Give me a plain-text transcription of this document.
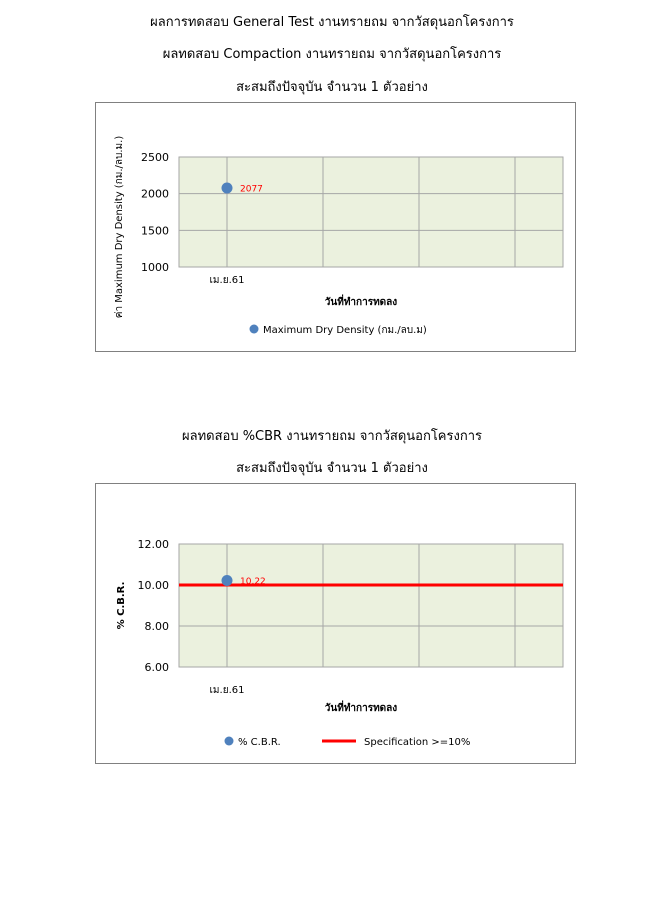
ผลการทดสอบ General Test งานทรายถม จากวัสดุนอกโครงการ
ผลทดสอบ Compaction งานทรายถม จากวัสดุนอกโครงการ
สะสมถึงปัจจุบัน จำนวน 1 ตัวอย่าง
1000
1500
2000
2500
เม.ย.61
วันที่ทำการทดลง
ค่า Maximum Dry Density (กม./ลบ.ม.)	2077
Maximum Dry Density (กม./ลบ.ม)
ผลทดสอบ %CBR งานทรายถม จากวัสดุนอกโครงการ
สะสมถึงปัจจุบัน จำนวน 1 ตัวอย่าง
6.00
8.00
10.00
12.00
เม.ย.61
วันที่ทำการทดลง
% C.B.R.	10.22
% C.B.R.	Specification >=10%
